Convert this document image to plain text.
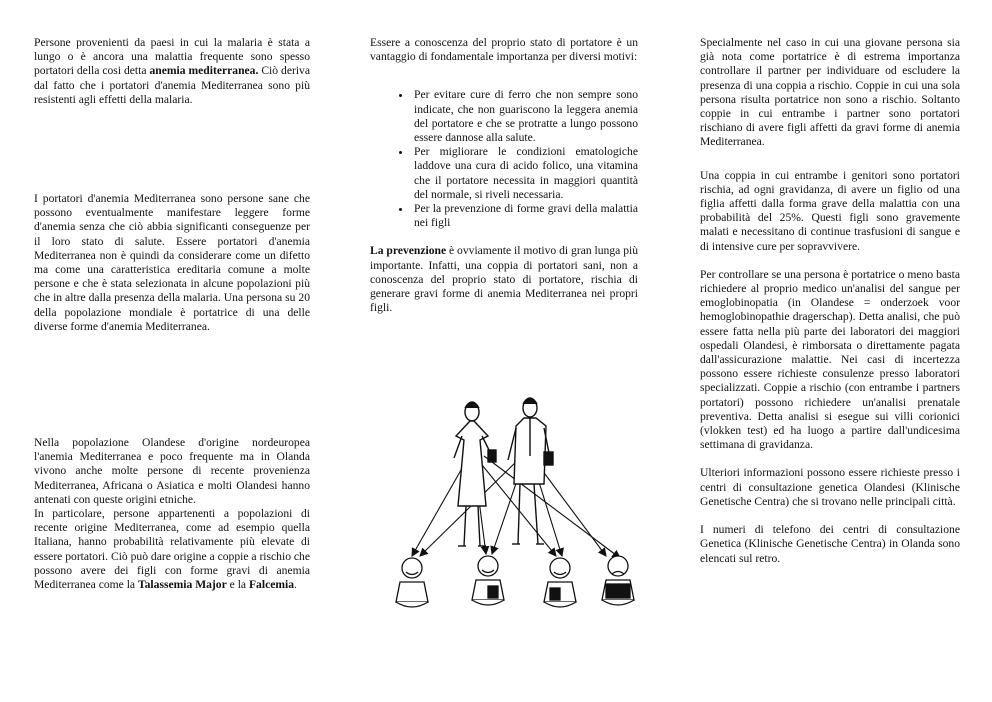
Persone provenienti da paesi in cui la malaria è stata a lungo o è ancora una malattia frequente sono spesso portatori della cosi detta anemia mediterranea. Ciò deriva dal fatto che i portatori d'anemia Mediterranea sono più resistenti agli effetti della malaria.

I portatori d'anemia Mediterranea sono persone sane che possono eventualmente manifestare leggere forme d'anemia senza che ciò abbia significanti conseguenze per il loro stato di salute. Essere portatori d'anemia Mediterranea non è quindi da considerare come un difetto ma come una caratteristica ereditaria comune a molte persone e che è stata selezionata in alcune popolazioni più che in altre dalla presenza della malaria. Una persona su 20 della popolazione mondiale è portatrice di una delle diverse forme d'anemia Mediterranea.

Nella popolazione Olandese d'origine nordeuropea l'anemia Mediterranea e poco frequente ma in Olanda vivono anche molte persone di recente provenienza Mediterranea, Africana o Asiatica e molti Olandesi hanno antenati con queste origini etniche.

In particolare, persone appartenenti a popolazioni di recente origine Mediterranea, come ad esempio quella Italiana, hanno probabilità relativamente più elevate di essere portatori. Ciò può dare origine a coppie a rischio che possono avere dei figli con forme gravi di anemia Mediterranea come la Talassemia Major e la Falcemia.

Essere a conoscenza del proprio stato di portatore è un vantaggio di fondamentale importanza per diversi motivi:

• Per evitare cure di ferro che non sempre sono indicate, che non guariscono la leggera anemia del portatore e che se protratte a lungo possono essere dannose alla salute.
• Per migliorare le condizioni ematologiche laddove una cura di acido folico, una vitamina che il portatore necessita in maggiori quantità del normale, si riveli necessaria.
• Per la prevenzione di forme gravi della malattia nei figli

La prevenzione è ovviamente il motivo di gran lunga più importante. Infatti, una coppia di portatori sani, non a conoscenza del proprio stato di portatore, rischia di generare gravi forme di anemia Mediterranea nei propri figli.

Specialmente nel caso in cui una giovane persona sia già nota come portatrice è di estrema importanza controllare il partner per individuare od escludere la presenza di una coppia a rischio. Coppie in cui una sola persona risulta portatrice non sono a rischio. Soltanto coppie in cui entrambe i partner sono portatori rischiano di avere figli affetti da gravi forme di anemia Mediterranea.

Una coppia in cui entrambe i genitori sono portatori rischia, ad ogni gravidanza, di avere un figlio od una figlia affetti dalla forma grave della malattia con una probabilità del 25%. Questi figli sono gravemente malati e necessitano di continue trasfusioni di sangue e di intensive cure per sopravvivere.

Per controllare se una persona è portatrice o meno basta richiedere al proprio medico un'analisi del sangue per emoglobinopatia (in Olandese = onderzoek voor hemoglobinopathie dragerschap). Detta analisi, che può essere fatta nella più parte dei laboratori dei maggiori ospedali Olandesi, è rimborsata o direttamente pagata dall'assicurazione malattie. Nei casi di incertezza possono essere richieste consulenze presso laboratori specializzati. Coppie a rischio (con entrambe i partners portatori) possono richiedere un'analisi prenatale preventiva. Detta analisi si esegue sui villi corionici (vlokken test) ed ha luogo a partire dall'undicesima settimana di gravidanza.

Ulteriori informazioni possono essere richieste presso i centri di consultazione genetica Olandesi (Klinische Genetische Centra) che si trovano nelle principali città.

I numeri di telefono dei centri di consultazione Genetica (Klinische Genetische Centra) in Olanda sono elencati sul retro.
